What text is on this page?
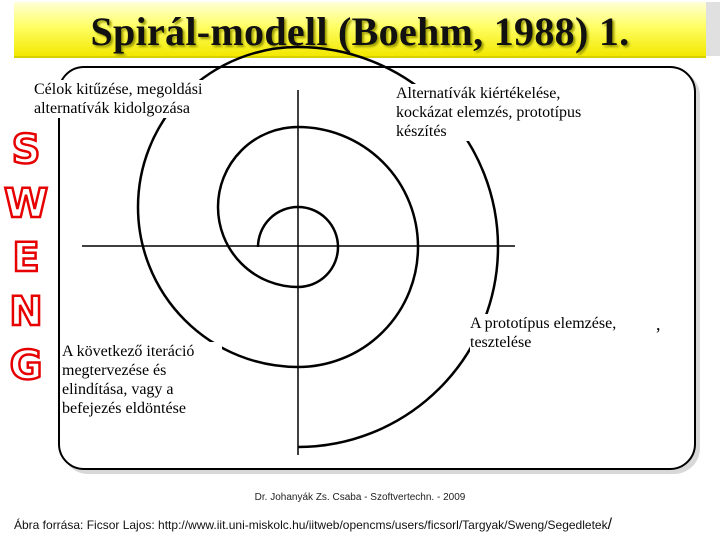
Spirál-modell (Boehm, 1988) 1.
S
W
E
N
G
Célok kitűzése, megoldási alternatívák kidolgozása
Alternatívák kiértékelése, kockázat elemzés, prototípus készítés
A prototípus elemzése, tesztelése
A következő iteráció megtervezése és elindítása, vagy a befejezés eldöntése
,
Dr. Johanyák Zs. Csaba - Szoftvertechn. - 2009
Ábra forrása: Ficsor Lajos: http://www.iit.uni-miskolc.hu/iitweb/opencms/users/ficsorl/Targyak/Sweng/Segedletek/
